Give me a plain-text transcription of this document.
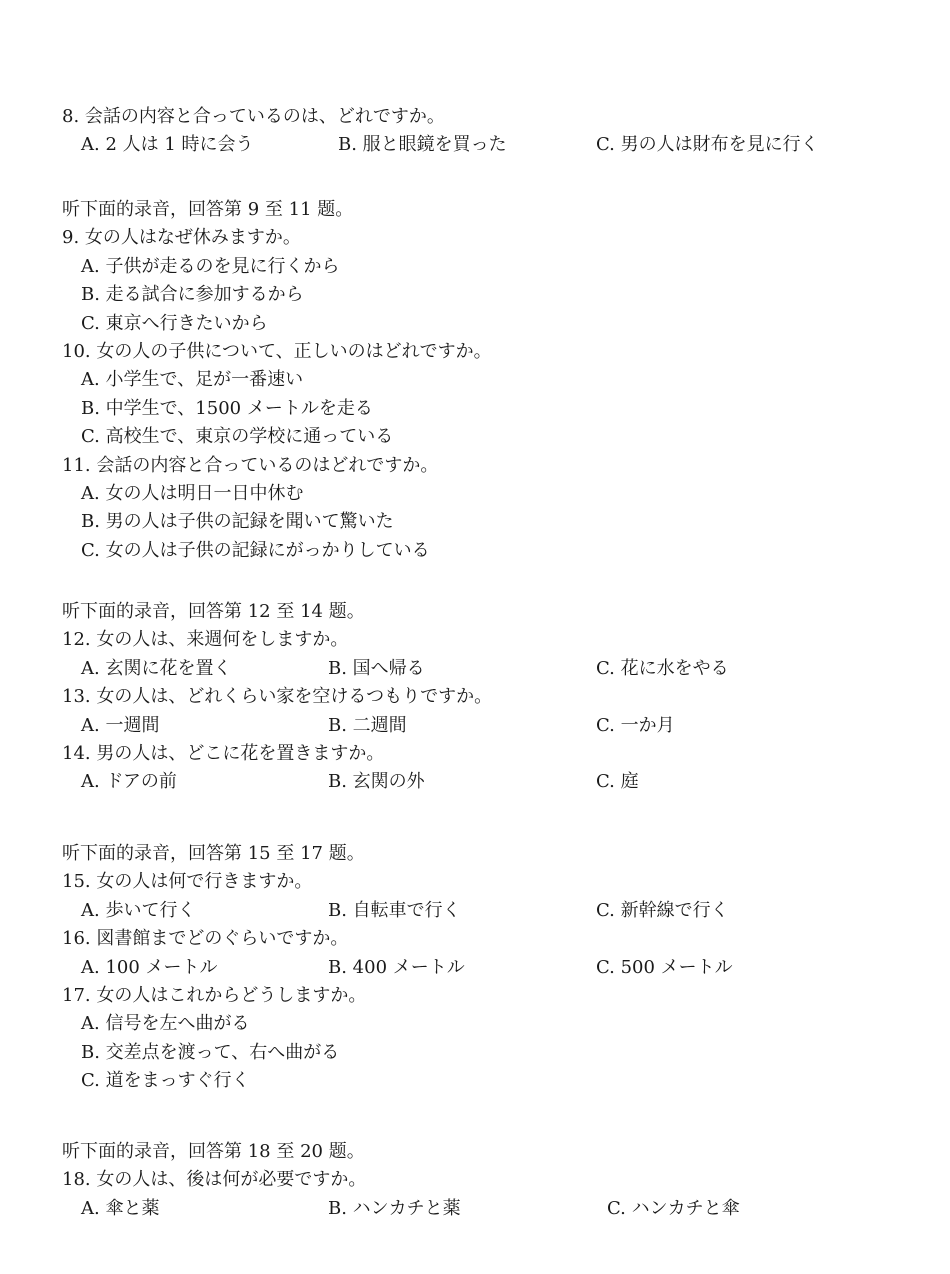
8. 会話の内容と合っているのは、どれですか。
A. 2 人は 1 時に会う	B. 服と眼鏡を買った	C. 男の人は財布を見に行く
听下面的录音，回答第 9 至 11 题。
9. 女の人はなぜ休みますか。
A. 子供が走るのを見に行くから
B. 走る試合に参加するから
C. 東京へ行きたいから
10. 女の人の子供について、正しいのはどれですか。
A. 小学生で、足が一番速い
B. 中学生で、1500 メートルを走る
C. 高校生で、東京の学校に通っている
11. 会話の内容と合っているのはどれですか。
A. 女の人は明日一日中休む
B. 男の人は子供の記録を聞いて驚いた
C. 女の人は子供の記録にがっかりしている
听下面的录音，回答第 12 至 14 题。
12. 女の人は、来週何をしますか。
A. 玄関に花を置く	B. 国へ帰る	C. 花に水をやる
13. 女の人は、どれくらい家を空けるつもりですか。
A. 一週間	B. 二週間	C. 一か月
14. 男の人は、どこに花を置きますか。
A. ドアの前	B. 玄関の外	C. 庭
听下面的录音，回答第 15 至 17 题。
15. 女の人は何で行きますか。
A. 歩いて行く	B. 自転車で行く	C. 新幹線で行く
16. 図書館までどのぐらいですか。
A. 100 メートル	B. 400 メートル	C. 500 メートル
17. 女の人はこれからどうしますか。
A. 信号を左へ曲がる
B. 交差点を渡って、右へ曲がる
C. 道をまっすぐ行く
听下面的录音，回答第 18 至 20 题。
18. 女の人は、後は何が必要ですか。
A. 傘と薬	B. ハンカチと薬	C. ハンカチと傘
